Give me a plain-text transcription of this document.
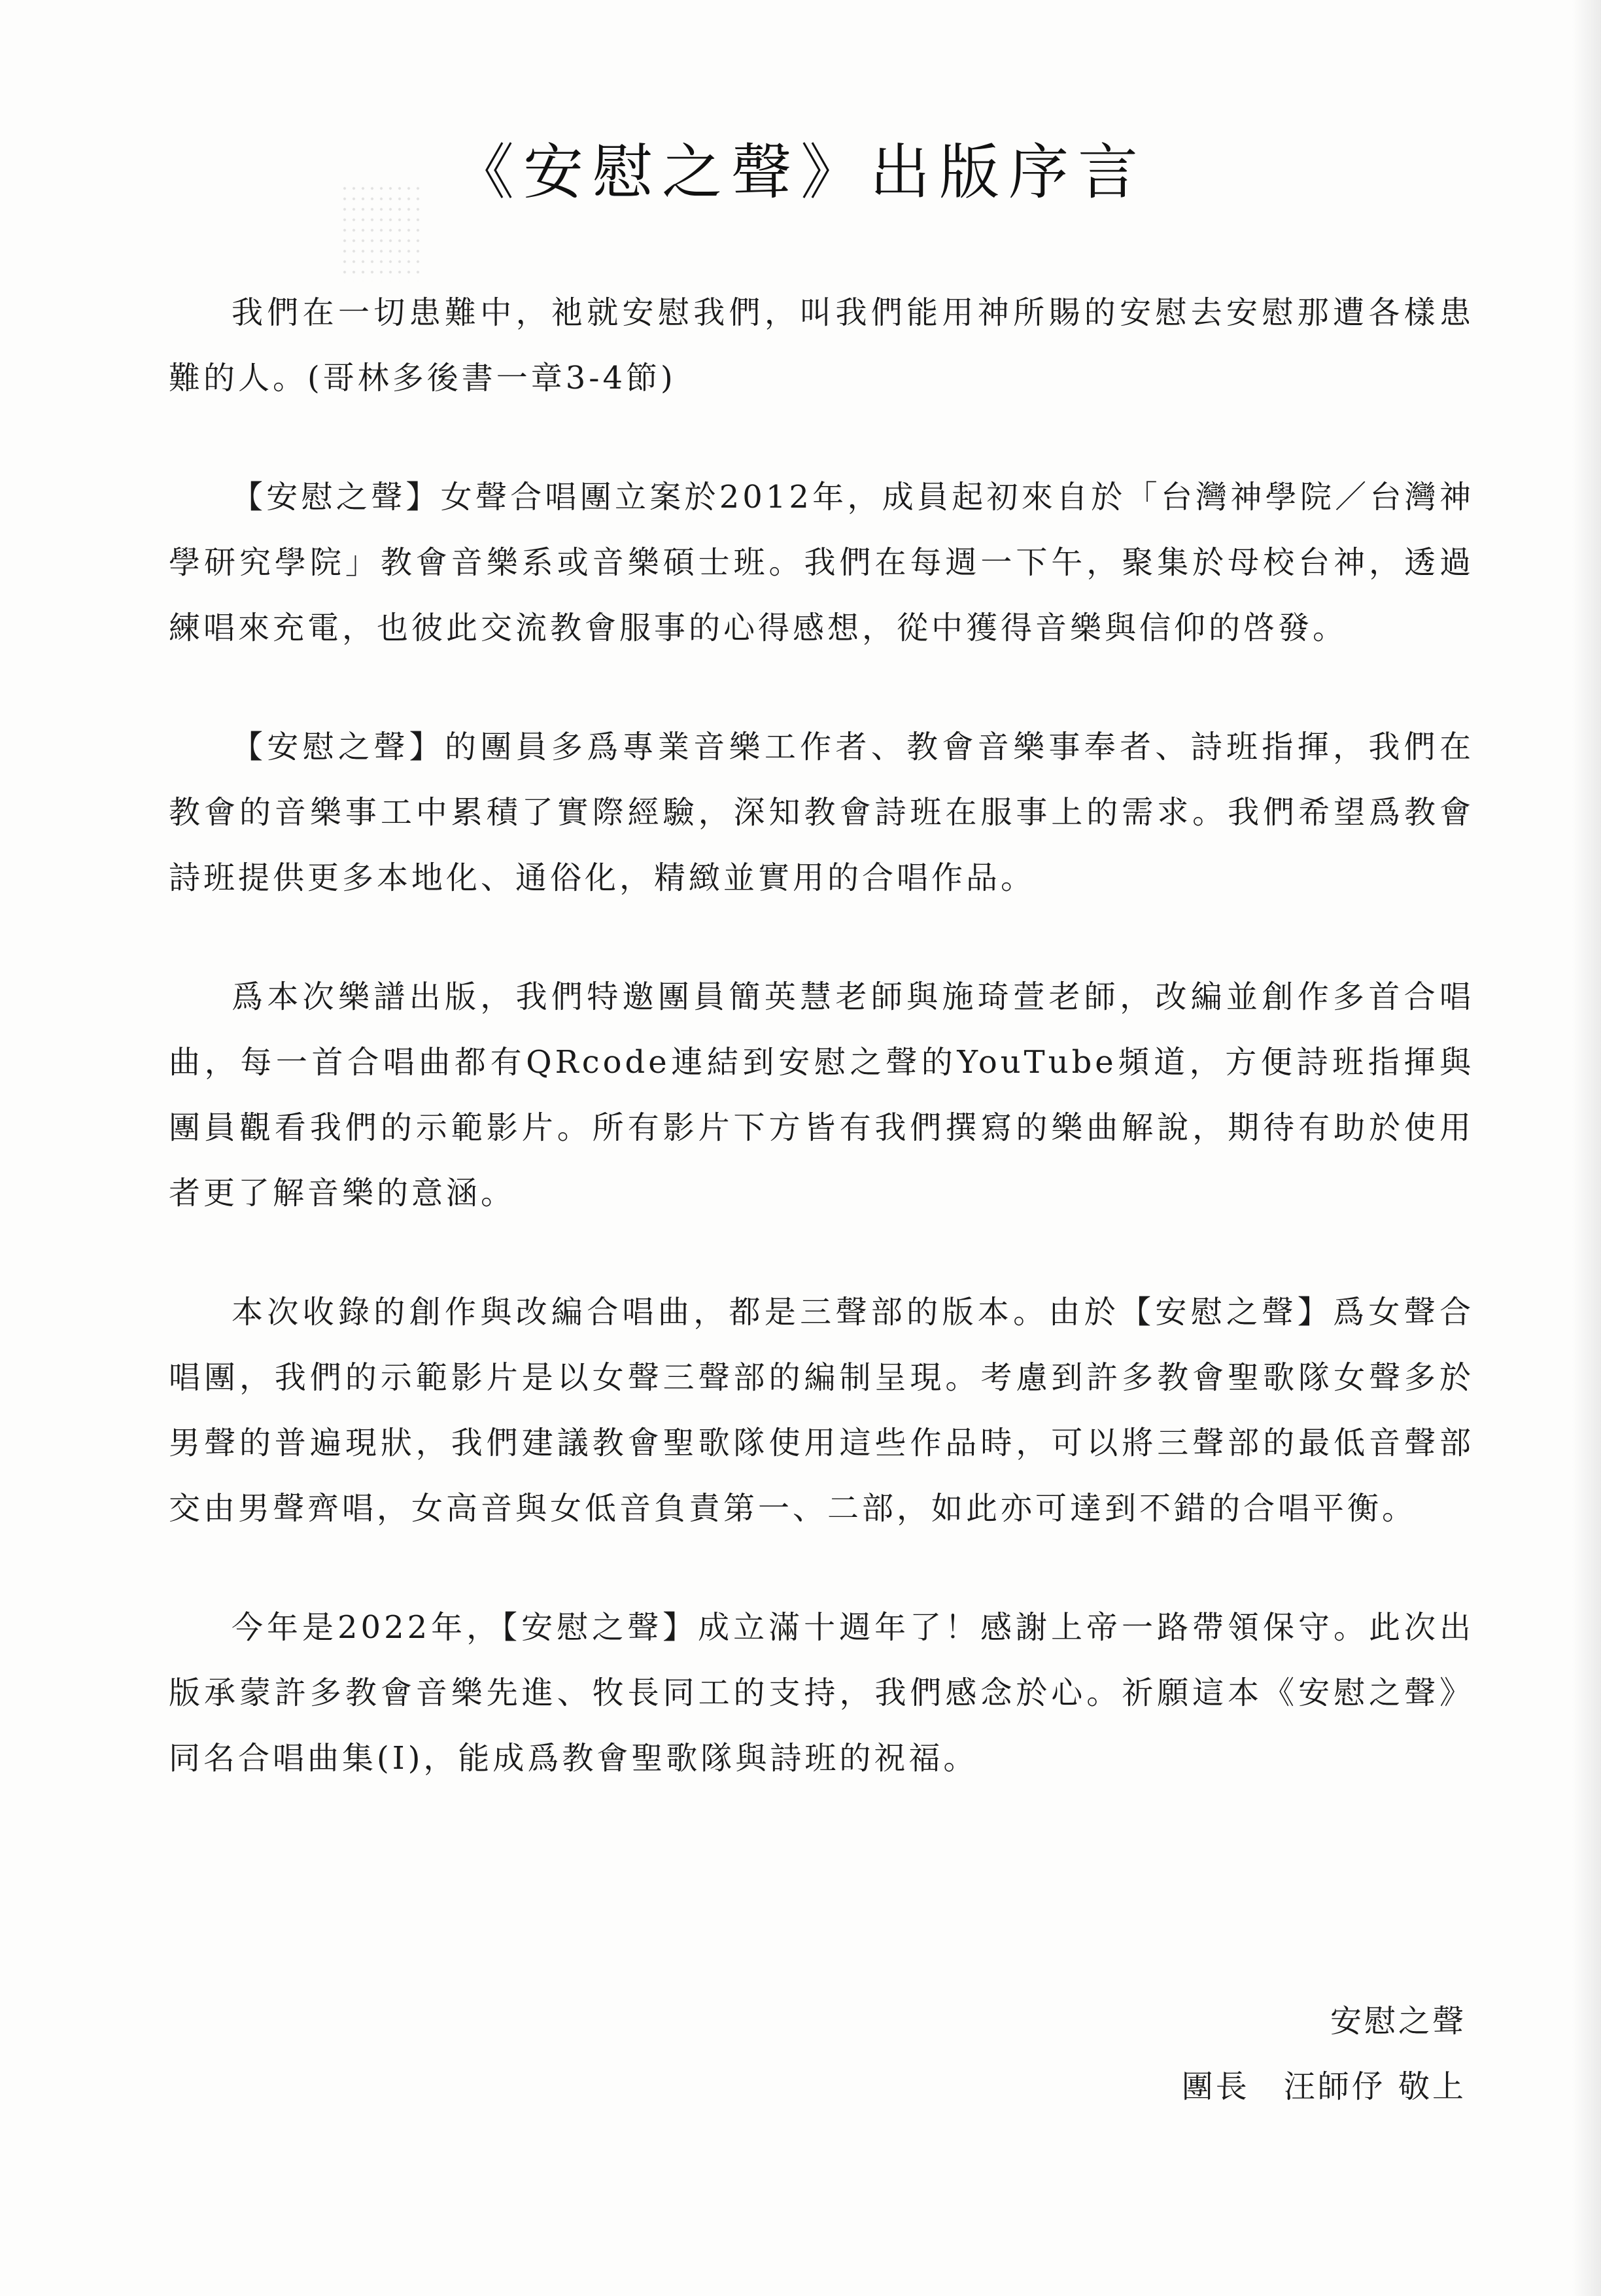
《安慰之聲》出版序言

我們在一切患難中，祂就安慰我們，叫我們能用神所賜的安慰去安慰那遭各樣患難的人。(哥林多後書一章3-4節)

【安慰之聲】女聲合唱團立案於2012年，成員起初來自於「台灣神學院／台灣神學研究學院」教會音樂系或音樂碩士班。我們在每週一下午，聚集於母校台神，透過練唱來充電，也彼此交流教會服事的心得感想，從中獲得音樂與信仰的啓發。

【安慰之聲】的團員多爲專業音樂工作者、教會音樂事奉者、詩班指揮，我們在教會的音樂事工中累積了實際經驗，深知教會詩班在服事上的需求。我們希望爲教會詩班提供更多本地化、通俗化，精緻並實用的合唱作品。

爲本次樂譜出版，我們特邀團員簡英慧老師與施琦萱老師，改編並創作多首合唱曲，每一首合唱曲都有QRcode連結到安慰之聲的YouTube頻道，方便詩班指揮與團員觀看我們的示範影片。所有影片下方皆有我們撰寫的樂曲解說，期待有助於使用者更了解音樂的意涵。

本次收錄的創作與改編合唱曲，都是三聲部的版本。由於【安慰之聲】爲女聲合唱團，我們的示範影片是以女聲三聲部的編制呈現。考慮到許多教會聖歌隊女聲多於男聲的普遍現狀，我們建議教會聖歌隊使用這些作品時，可以將三聲部的最低音聲部交由男聲齊唱，女高音與女低音負責第一、二部，如此亦可達到不錯的合唱平衡。

今年是2022年，【安慰之聲】成立滿十週年了！感謝上帝一路帶領保守。此次出版承蒙許多教會音樂先進、牧長同工的支持，我們感念於心。祈願這本《安慰之聲》同名合唱曲集(I)，能成爲教會聖歌隊與詩班的祝福。

安慰之聲
團長　汪師伃 敬上
